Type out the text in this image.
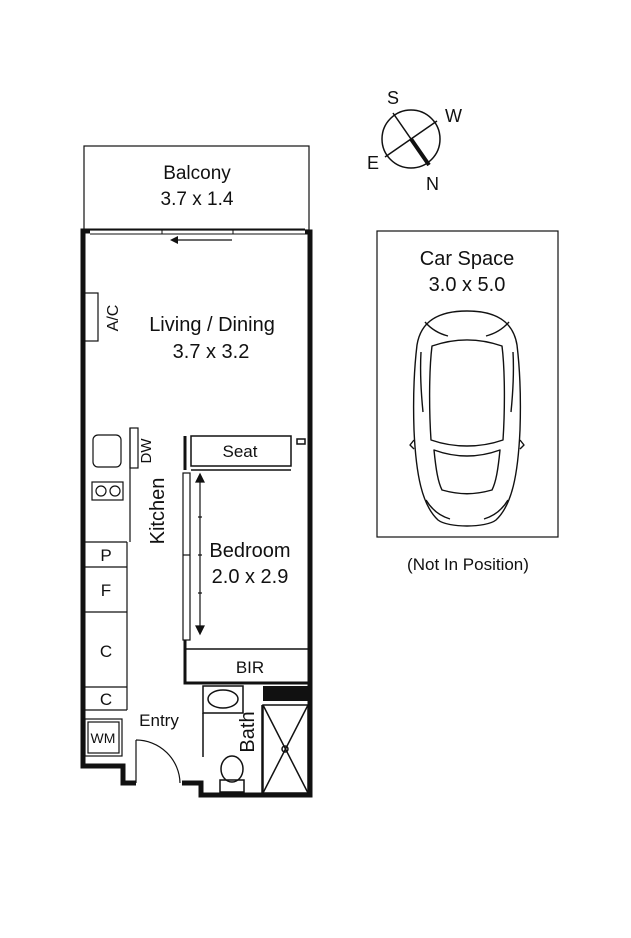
S
W
E
N
Balcony
3.7 x 1.4
A/C Living / Dining
3.7 x 3.2
DW
Kitchen
P
F
C
C
WM
Entry
Seat
Bedroom
2.0 x 2.9
BIR
Bath
Car Space
3.0 x 5.0
(Not In Position)
